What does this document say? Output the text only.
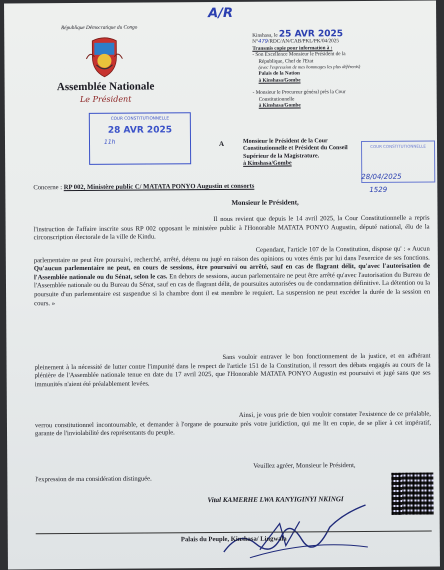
République Démocratique du Congo
Assemblée Nationale
Le Président
A/R
Kinshasa, le 25 AVR 2025
N°479/RDC/AN/CAB/PKL/PK/04/2025
Transmis copie pour information à :
- Son Excellence Monsieur le Président de la
République, Chef de l'Etat
(avec l'expression de mes hommages les plus déférents)
Palais de la Nation
à Kinshasa/Gombe
- Monsieur le Procureur général près la Cour
Constitutionnelle
à Kinshasa/Gombe
COUR CONSTITUTIONNELLE
28 AVR 2025
11h	A	Monsieur le Président de la Cour
Constitutionnelle et Président du Conseil
Supérieur de la Magistrature.
à Kinshasa/Gombe
COUR CONSTITUTIONNELLE
28/04/2025
1529
Concerne : RP 002, Ministère public C/ MATATA PONYO Augustin et consorts
Monsieur le Président,
Il nous revient que depuis le 14 avril 2025, la Cour Constitutionnelle a repris l'instruction de l'affaire inscrite sous RP 002 opposant le ministère public à l'Honorable MATATA PONYO Augustin, député national, élu de la circonscription électorale de la ville de Kindu.
Cependant, l'article 107 de la Constitution, dispose qu' : « Aucun parlementaire ne peut être poursuivi, recherché, arrêté, détenu ou jugé en raison des opinions ou votes émis par lui dans l'exercice de ses fonctions. Qu'aucun parlementaire ne peut, en cours de sessions, être poursuivi ou arrêté, sauf en cas de flagrant délit, qu'avec l'autorisation de l'Assemblée nationale ou du Sénat, selon le cas. En dehors de sessions, aucun parlementaire ne peut être arrêté qu'avec l'autorisation du Bureau de l'Assemblée nationale ou du Bureau du Sénat, sauf en cas de flagrant délit, de poursuites autorisées ou de condamnation définitive. La détention ou la poursuite d'un parlementaire est suspendue si la chambre dont il est membre le requiert. La suspension ne peut excéder la durée de la session en cours. »
Sans vouloir entraver le bon fonctionnement de la justice, et en adhérant pleinement à la nécessité de lutter contre l'impunité dans le respect de l'article 151 de la Constitution, il ressort des débats engagés au cours de la plénière de l'Assemblée nationale tenue en date du 17 avril 2025, que l'Honorable MATATA PONYO Augustin est poursuivi et jugé sans que ses immunités n'aient été préalablement levées.
Ainsi, je vous prie de bien vouloir constater l'existence de ce préalable, verrou constitutionnel incontournable, et demander à l'organe de poursuite près votre juridiction, qui me lit en copie, de se plier à cet impératif, garante de l'inviolabilité des représentants du peuple.
Veuillez agréer, Monsieur le Président,
l'expression de ma considération distinguée.
Vital KAMERHE LWA KANYIGINYI NKINGI
Palais du Peuple, Kinshasa/ Lingwala
